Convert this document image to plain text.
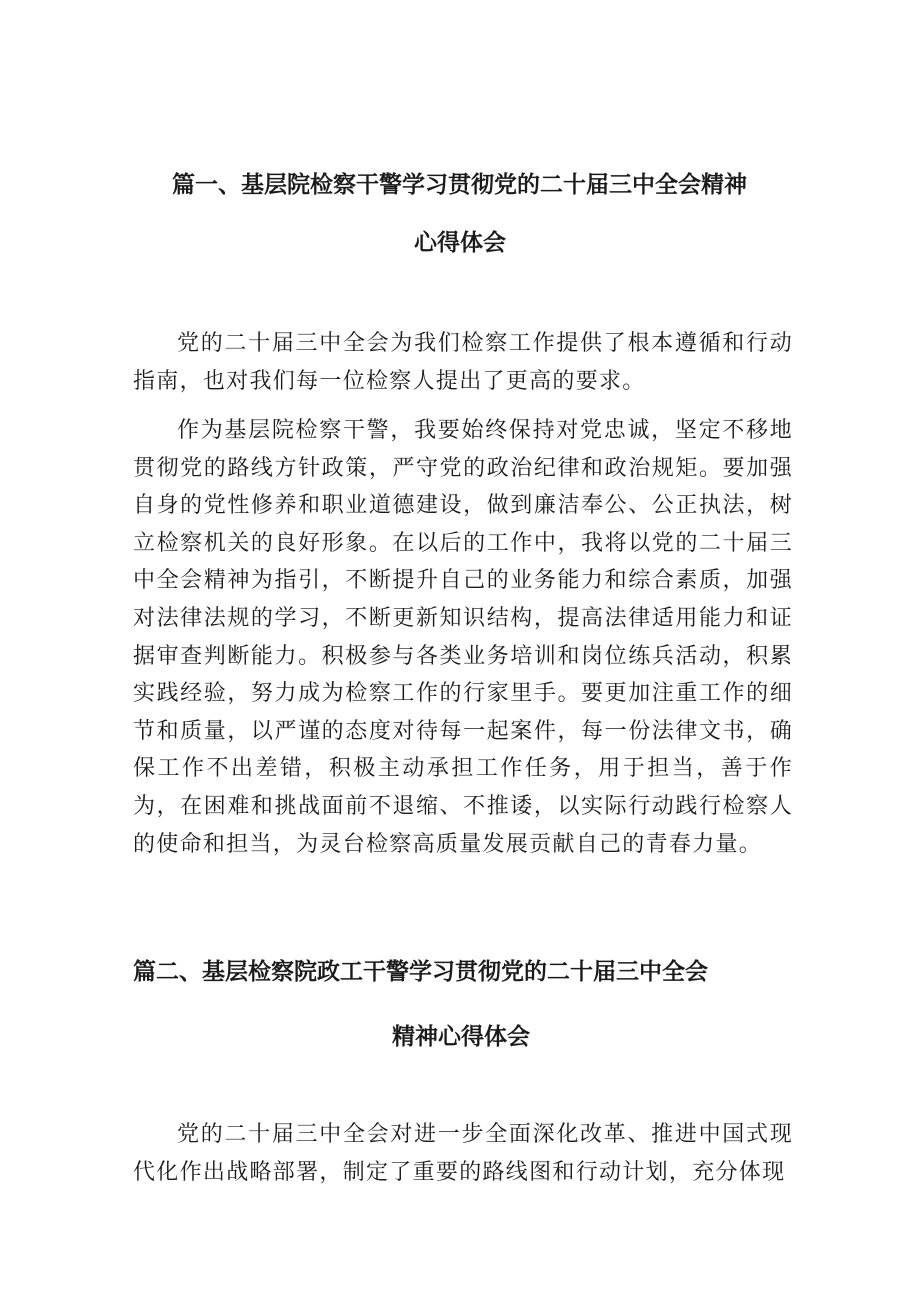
篇一、基层院检察干警学习贯彻党的二十届三中全会精神
心得体会

党的二十届三中全会为我们检察工作提供了根本遵循和行动指南，也对我们每一位检察人提出了更高的要求。

作为基层院检察干警，我要始终保持对党忠诚，坚定不移地贯彻党的路线方针政策，严守党的政治纪律和政治规矩。要加强自身的党性修养和职业道德建设，做到廉洁奉公、公正执法，树立检察机关的良好形象。在以后的工作中，我将以党的二十届三中全会精神为指引，不断提升自己的业务能力和综合素质，加强对法律法规的学习，不断更新知识结构，提高法律适用能力和证据审查判断能力。积极参与各类业务培训和岗位练兵活动，积累实践经验，努力成为检察工作的行家里手。要更加注重工作的细节和质量，以严谨的态度对待每一起案件，每一份法律文书，确保工作不出差错，积极主动承担工作任务，用于担当，善于作为，在困难和挑战面前不退缩、不推诿，以实际行动践行检察人的使命和担当，为灵台检察高质量发展贡献自己的青春力量。

篇二、基层检察院政工干警学习贯彻党的二十届三中全会
精神心得体会

党的二十届三中全会对进一步全面深化改革、推进中国式现代化作出战略部署，制定了重要的路线图和行动计划，充分体现
